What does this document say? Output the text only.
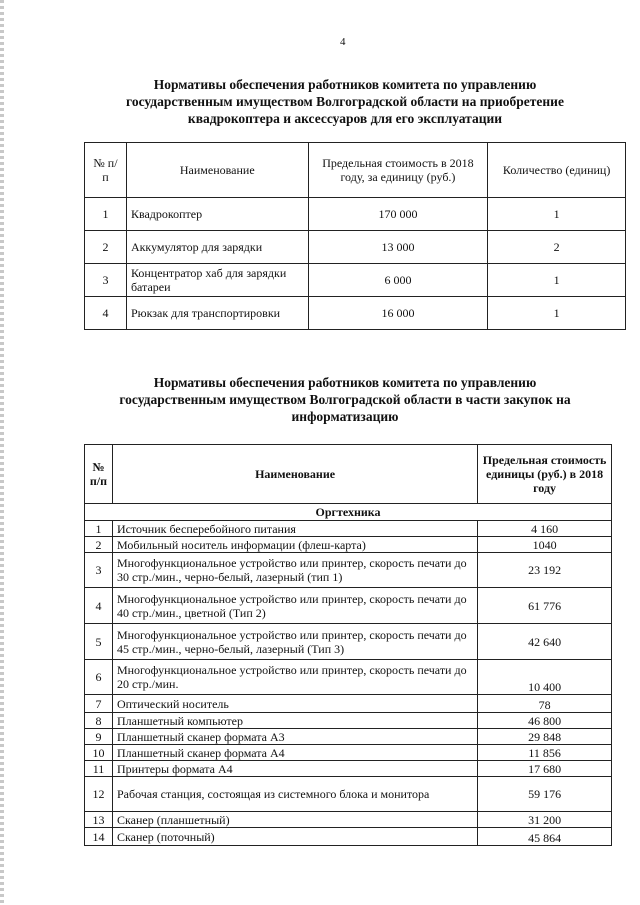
4
Нормативы обеспечения работников комитета по управлению
государственным имуществом Волгоградской области на приобретение
квадрокоптера и аксессуаров для его эксплуатации
№ п/п	Наименование	Предельная стоимость в 2018 году, за единицу (руб.)	Количество (единиц)
1	Квадрокоптер	170 000	1
2	Аккумулятор для зарядки	13 000	2
3	Концентратор хаб для зарядки батареи	6 000	1
4	Рюкзак для транспортировки	16 000	1
Нормативы обеспечения работников комитета по управлению
государственным имуществом Волгоградской области в части закупок на
информатизацию
№ п/п	Наименование	Предельная стоимость единицы (руб.) в 2018 году
Оргтехника		
1	Источник бесперебойного питания	4 160
2	Мобильный носитель информации (флеш-карта)	1040
3	Многофункциональное устройство или принтер, скорость печати до 30 стр./мин., черно-белый, лазерный (тип 1)	23 192
4	Многофункциональное устройство или принтер, скорость печати до 40 стр./мин., цветной (Тип 2)	61 776
5	Многофункциональное устройство или принтер, скорость печати до 45 стр./мин., черно-белый, лазерный (Тип 3)	42 640
6	Многофункциональное устройство или принтер, скорость печати до 20 стр./мин.	10 400
7	Оптический носитель	78
8	Планшетный компьютер	46 800
9	Планшетный сканер формата А3	29 848
10	Планшетный сканер формата А4	11 856
11	Принтеры формата А4	17 680
12	Рабочая станция, состоящая из системного блока и монитора	59 176
13	Сканер (планшетный)	31 200
14	Сканер (поточный)	45 864
